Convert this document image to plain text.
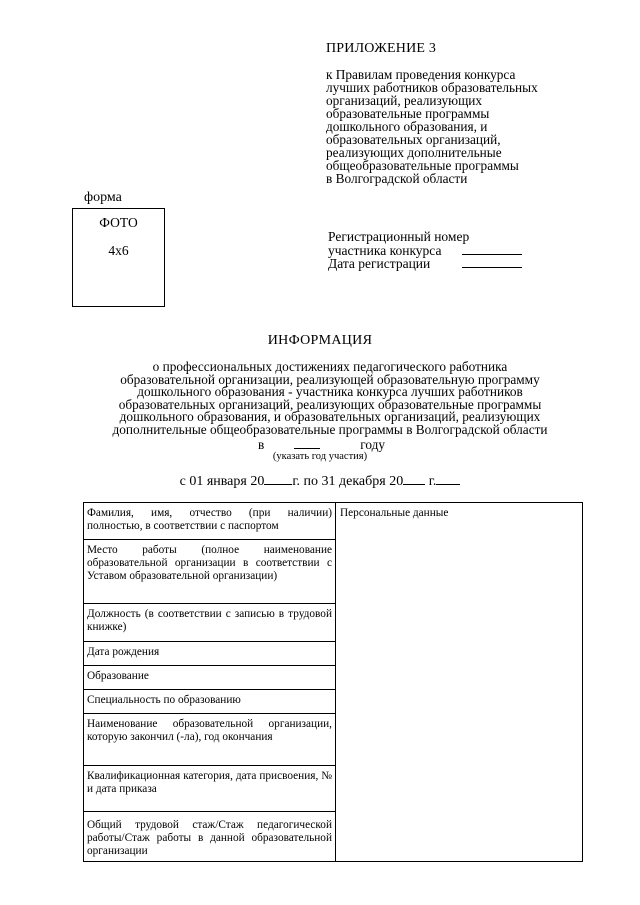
ПРИЛОЖЕНИЕ 3
к Правилам проведения конкурса
лучших работников образовательных
организаций, реализующих
образовательные программы
дошкольного образования, и
образовательных организаций,
реализующих дополнительные
общеобразовательные программы
в Волгоградской области
форма
ФОТО
4x6
Регистрационный номер
участника конкурса
Дата регистрации
ИНФОРМАЦИЯ
о профессиональных достижениях педагогического работника
образовательной организации, реализующей образовательную программу
дошкольного образования - участника конкурса лучших работников
образовательных организаций, реализующих образовательные программы
дошкольного образования, и образовательных организаций, реализующих
дополнительные общеобразовательные программы в Волгоградской области
в	году
(указать год участия)
с 01 января 20 г. по 31 декабря 20 г.
Фамилия, имя, отчество (при наличии) полностью, в соответствии с паспортом	Персональные данные
Место работы (полное наименование образовательной организации в соответствии с Уставом образовательной организации)
Должность (в соответствии с записью в трудовой книжке)
Дата рождения
Образование
Специальность по образованию
Наименование образовательной организации, которую закончил (-ла), год окончания
Квалификационная категория, дата присвоения, № и дата приказа
Общий трудовой стаж/Стаж педагогической работы/Стаж работы в данной образовательной организации
